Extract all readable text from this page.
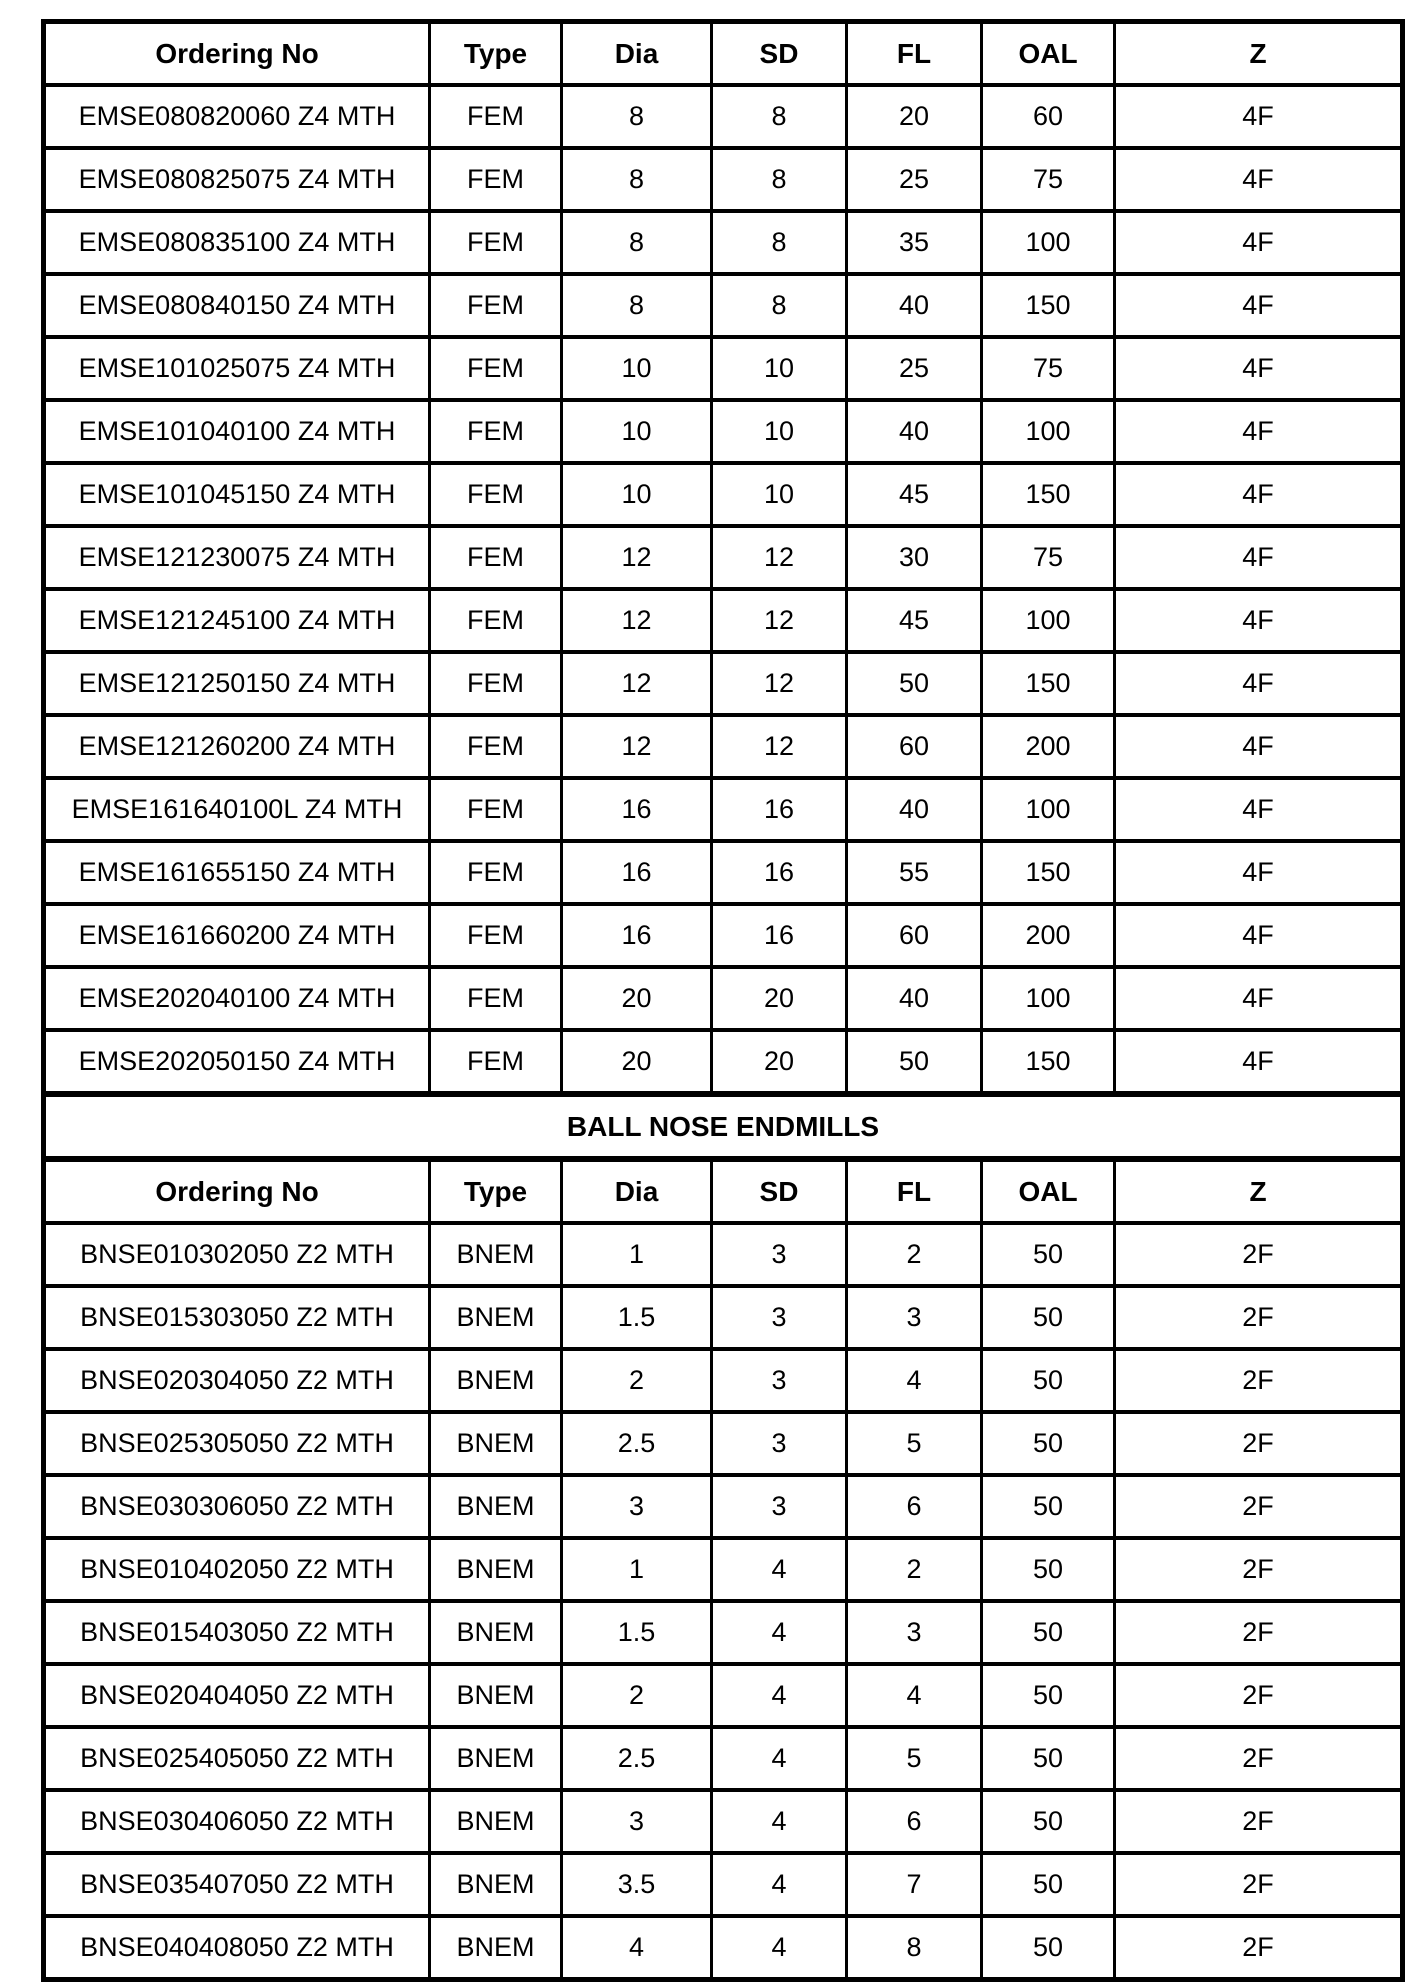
Ordering No	Type	Dia	SD	FL	OAL	Z
EMSE080820060 Z4 MTH	FEM	8	8	20	60	4F
EMSE080825075 Z4 MTH	FEM	8	8	25	75	4F
EMSE080835100 Z4 MTH	FEM	8	8	35	100	4F
EMSE080840150 Z4 MTH	FEM	8	8	40	150	4F
EMSE101025075 Z4 MTH	FEM	10	10	25	75	4F
EMSE101040100 Z4 MTH	FEM	10	10	40	100	4F
EMSE101045150 Z4 MTH	FEM	10	10	45	150	4F
EMSE121230075 Z4 MTH	FEM	12	12	30	75	4F
EMSE121245100 Z4 MTH	FEM	12	12	45	100	4F
EMSE121250150 Z4 MTH	FEM	12	12	50	150	4F
EMSE121260200 Z4 MTH	FEM	12	12	60	200	4F
EMSE161640100L Z4 MTH	FEM	16	16	40	100	4F
EMSE161655150 Z4 MTH	FEM	16	16	55	150	4F
EMSE161660200 Z4 MTH	FEM	16	16	60	200	4F
EMSE202040100 Z4 MTH	FEM	20	20	40	100	4F
EMSE202050150 Z4 MTH	FEM	20	20	50	150	4F
BALL NOSE ENDMILLS						
Ordering No	Type	Dia	SD	FL	OAL	Z
BNSE010302050 Z2 MTH	BNEM	1	3	2	50	2F
BNSE015303050 Z2 MTH	BNEM	1.5	3	3	50	2F
BNSE020304050 Z2 MTH	BNEM	2	3	4	50	2F
BNSE025305050 Z2 MTH	BNEM	2.5	3	5	50	2F
BNSE030306050 Z2 MTH	BNEM	3	3	6	50	2F
BNSE010402050 Z2 MTH	BNEM	1	4	2	50	2F
BNSE015403050 Z2 MTH	BNEM	1.5	4	3	50	2F
BNSE020404050 Z2 MTH	BNEM	2	4	4	50	2F
BNSE025405050 Z2 MTH	BNEM	2.5	4	5	50	2F
BNSE030406050 Z2 MTH	BNEM	3	4	6	50	2F
BNSE035407050 Z2 MTH	BNEM	3.5	4	7	50	2F
BNSE040408050 Z2 MTH	BNEM	4	4	8	50	2F
